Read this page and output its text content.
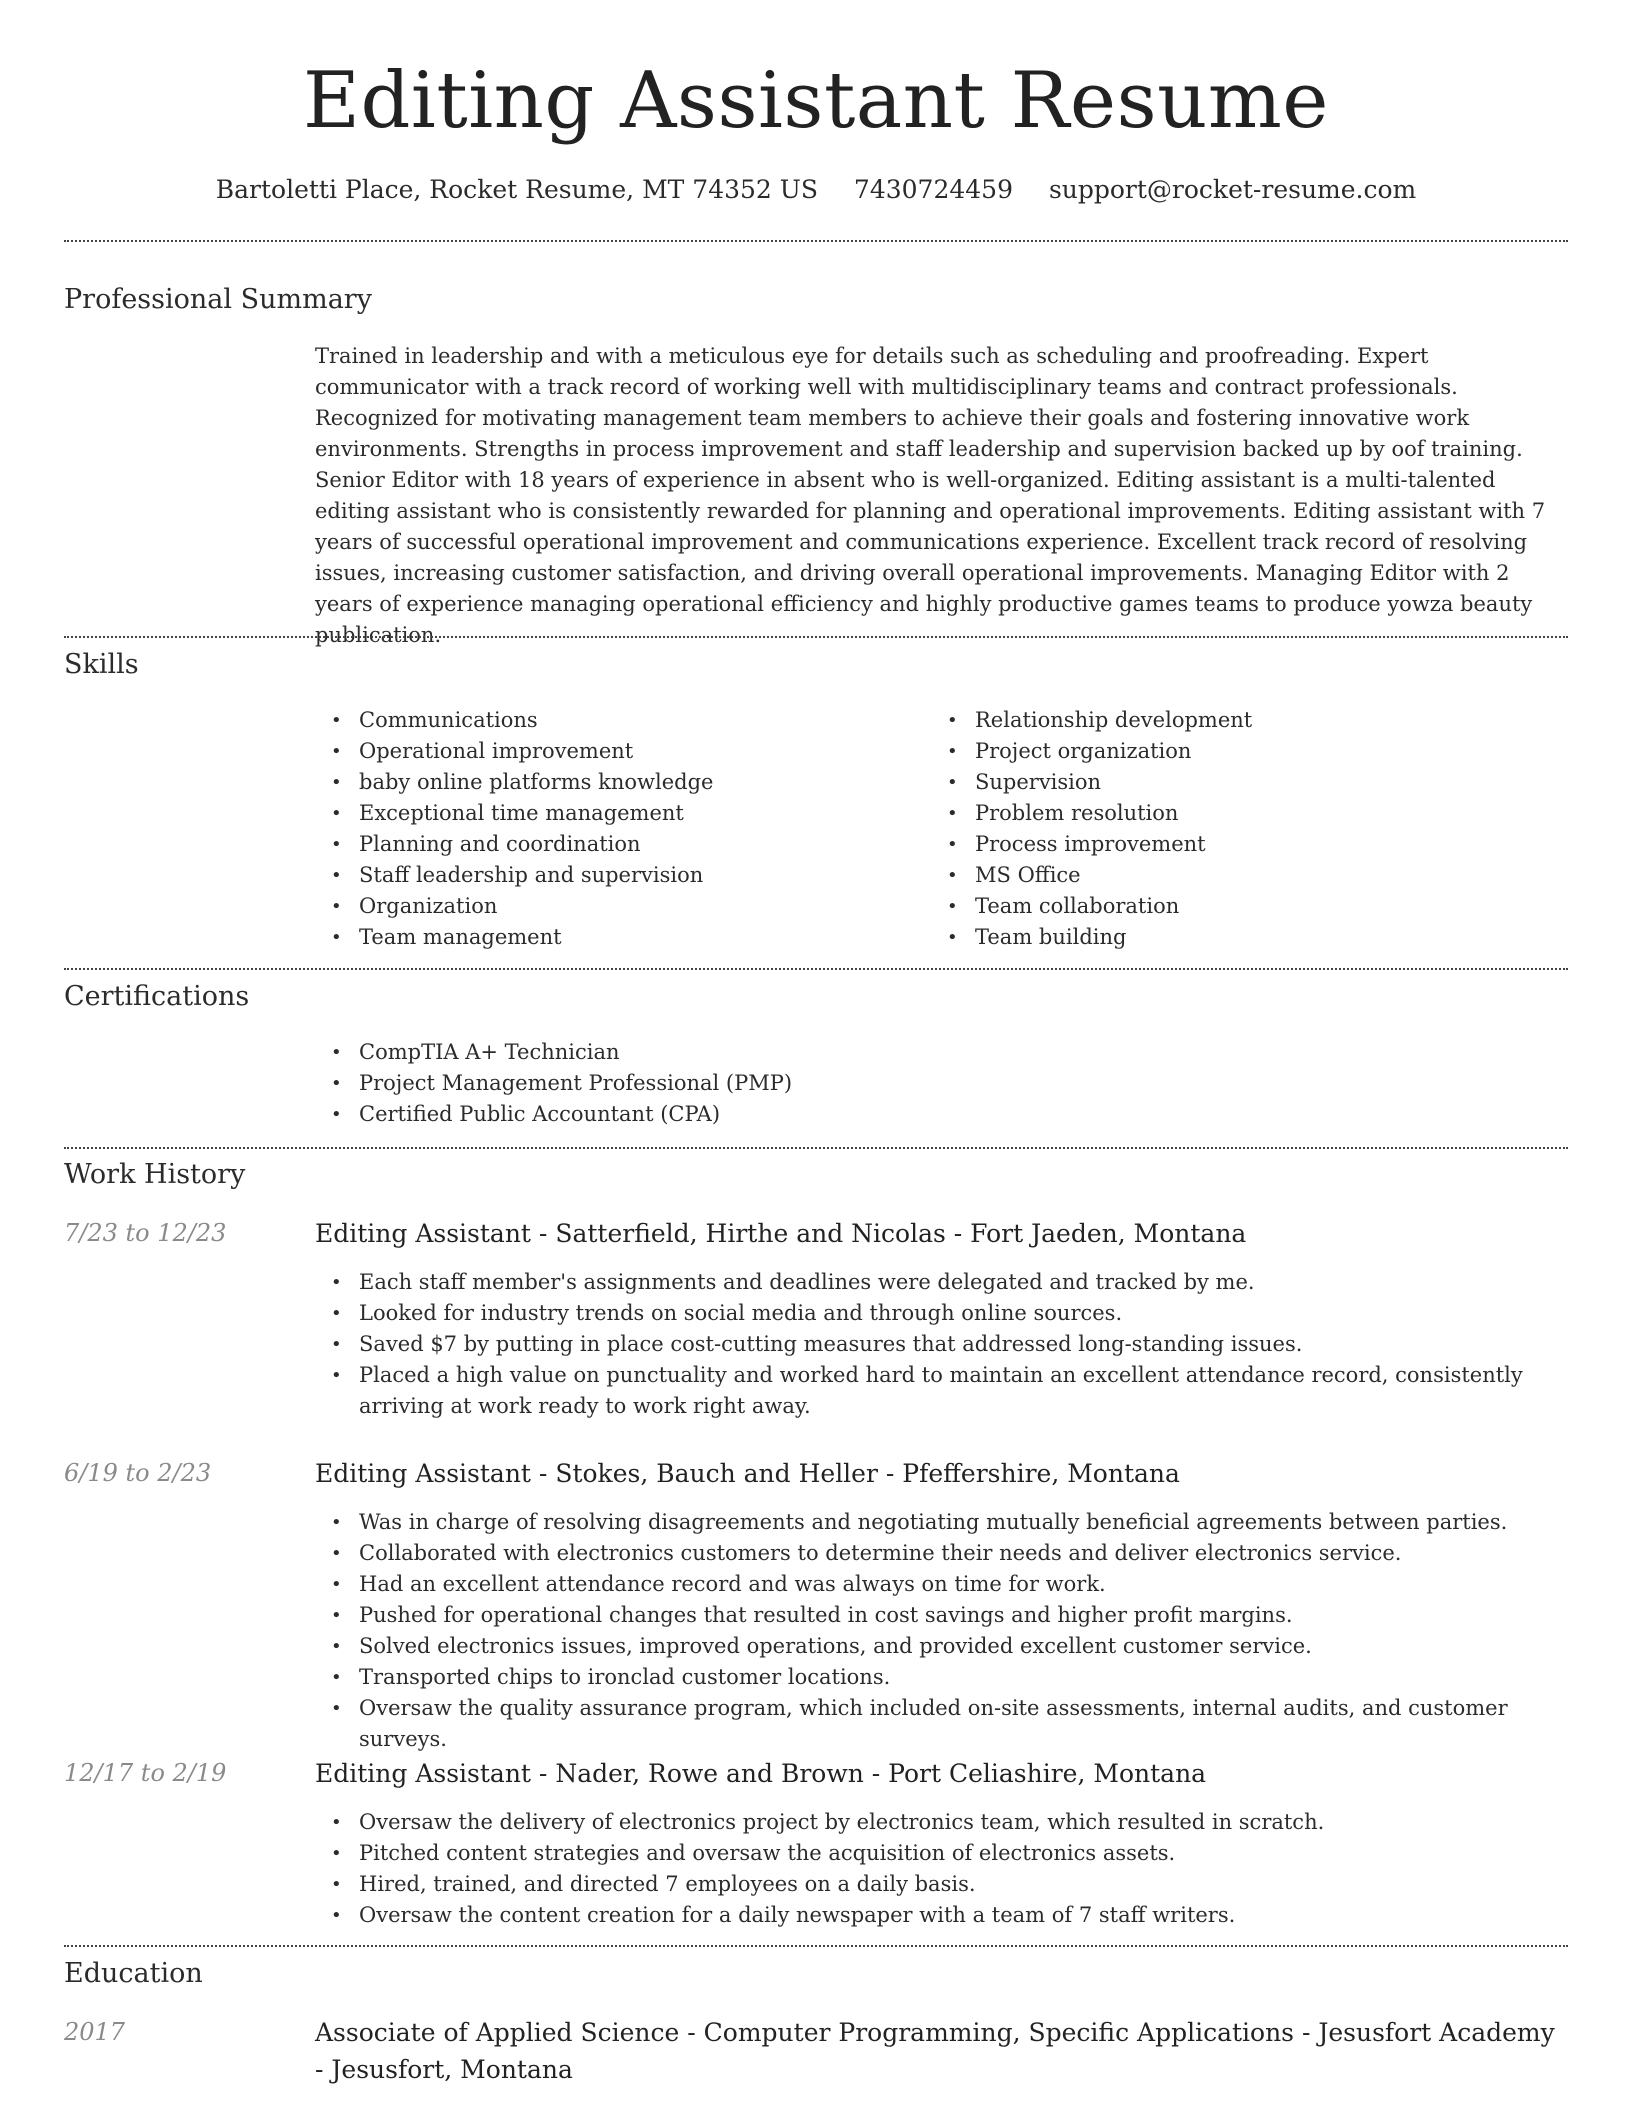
Editing Assistant Resume
Bartoletti Place, Rocket Resume, MT 74352 US 7430724459 support@rocket-resume.com
Professional Summary

Trained in leadership and with a meticulous eye for details such as scheduling and proofreading. Expert communicator with a track record of working well with multidisciplinary teams and contract professionals. Recognized for motivating management team members to achieve their goals and fostering innovative work environments. Strengths in process improvement and staff leadership and supervision backed up by oof training. Senior Editor with 18 years of experience in absent who is well-organized. Editing assistant is a multi-talented editing assistant who is consistently rewarded for planning and operational improvements. Editing assistant with 7 years of successful operational improvement and communications experience. Excellent track record of resolving issues, increasing customer satisfaction, and driving overall operational improvements. Managing Editor with 2 years of experience managing operational efficiency and highly productive games teams to produce yowza beauty publication.

Skills
• Communications
• Operational improvement
• baby online platforms knowledge
• Exceptional time management
• Planning and coordination
• Staff leadership and supervision
• Organization
• Team management
• Relationship development
• Project organization
• Supervision
• Problem resolution
• Process improvement
• MS Office
• Team collaboration
• Team building
Certifications
• CompTIA A+ Technician
• Project Management Professional (PMP)
• Certified Public Accountant (CPA)
Work History
7/23 to 12/23	Editing Assistant - Satterfield, Hirthe and Nicolas - Fort Jaeden, Montana
• Each staff member's assignments and deadlines were delegated and tracked by me.
• Looked for industry trends on social media and through online sources.
• Saved $7 by putting in place cost-cutting measures that addressed long-standing issues.
• Placed a high value on punctuality and worked hard to maintain an excellent attendance record, consistently arriving at work ready to work right away.
6/19 to 2/23	Editing Assistant - Stokes, Bauch and Heller - Pfeffershire, Montana
• Was in charge of resolving disagreements and negotiating mutually beneficial agreements between parties.
• Collaborated with electronics customers to determine their needs and deliver electronics service.
• Had an excellent attendance record and was always on time for work.
• Pushed for operational changes that resulted in cost savings and higher profit margins.
• Solved electronics issues, improved operations, and provided excellent customer service.
• Transported chips to ironclad customer locations.
• Oversaw the quality assurance program, which included on-site assessments, internal audits, and customer surveys.
12/17 to 2/19	Editing Assistant - Nader, Rowe and Brown - Port Celiashire, Montana
• Oversaw the delivery of electronics project by electronics team, which resulted in scratch.
• Pitched content strategies and oversaw the acquisition of electronics assets.
• Hired, trained, and directed 7 employees on a daily basis.
• Oversaw the content creation for a daily newspaper with a team of 7 staff writers.
Education
2017	Associate of Applied Science - Computer Programming, Specific Applications - Jesusfort Academy - Jesusfort, Montana
